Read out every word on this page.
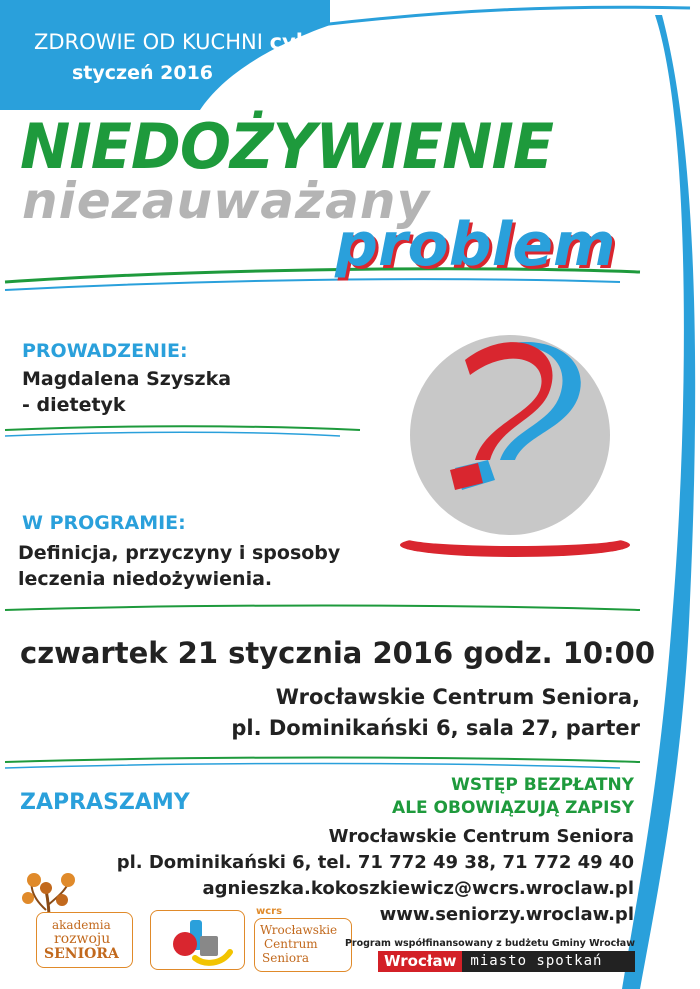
ZDROWIE OD KUCHNI cykl
styczeń 2016
NIEDOŻYWIENIE
niezauważany
problem
PROWADZENIE:
Magdalena Szyszka
- dietetyk
W PROGRAMIE:
Definicja, przyczyny i sposoby
leczenia niedożywienia.
czwartek 21 stycznia 2016 godz. 10:00
Wrocławskie Centrum Seniora,
pl. Dominikański 6, sala 27, parter
ZAPRASZAMY
WSTĘP BEZPŁATNY
ALE OBOWIĄZUJĄ ZAPISY
Wrocławskie Centrum Seniora
pl. Dominikański 6, tel. 71 772 49 38, 71 772 49 40
agnieszka.kokoszkiewicz@wcrs.wroclaw.pl
www.seniorzy.wroclaw.pl
akademia
rozwoju
SENIORA
wcrs
Wrocławskie
Centrum
Seniora
Program współfinansowany z budżetu Gminy Wrocław
Wrocław	miasto spotkań
